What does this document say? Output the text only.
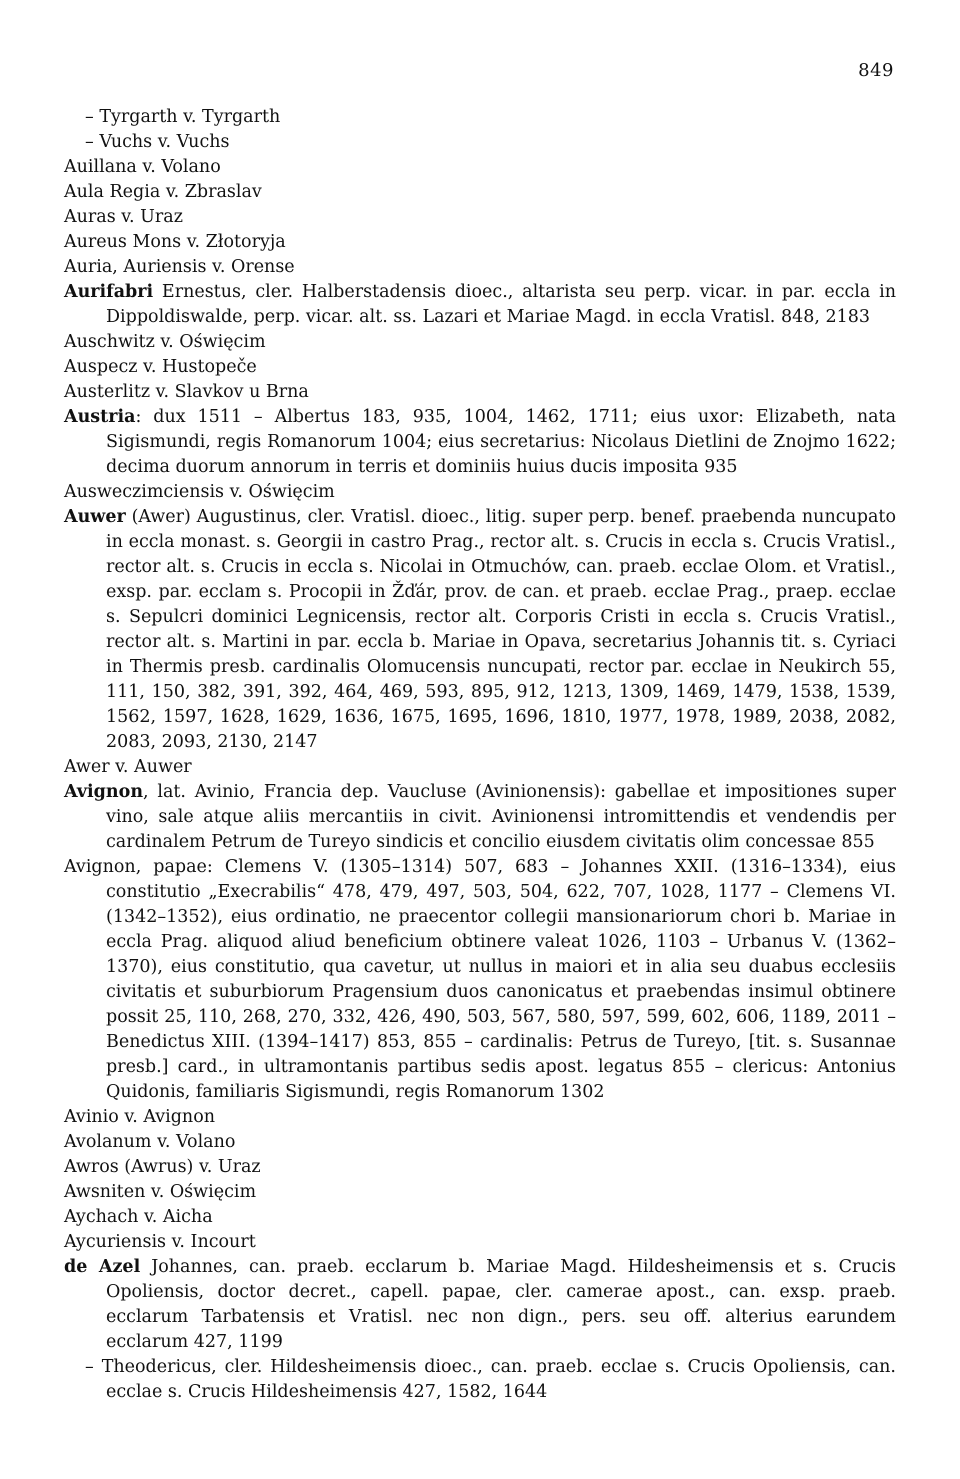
849

– Tyrgarth v. Tyrgarth

– Vuchs v. Vuchs

Auillana v. Volano

Aula Regia v. Zbraslav

Auras v. Uraz

Aureus Mons v. Złotoryja

Auria, Auriensis v. Orense

Aurifabri Ernestus, cler. Halberstadensis dioec., altarista seu perp. vicar. in par. eccla in Dippoldiswalde, perp. vicar. alt. ss. Lazari et Mariae Magd. in eccla Vratisl. 848, 2183

Auschwitz v. Oświęcim

Auspecz v. Hustopeče

Austerlitz v. Slavkov u Brna

Austria: dux 1511 – Albertus 183, 935, 1004, 1462, 1711; eius uxor: Elizabeth, nata Sigismundi, regis Romanorum 1004; eius secretarius: Nicolaus Dietlini de Znojmo 1622; decima duorum annorum in terris et dominiis huius ducis imposita 935

Ausweczimciensis v. Oświęcim

Auwer (Awer) Augustinus, cler. Vratisl. dioec., litig. super perp. benef. praebenda nuncupato in eccla monast. s. Georgii in castro Prag., rector alt. s. Crucis in eccla s. Crucis Vratisl., rector alt. s. Crucis in eccla s. Nicolai in Otmuchów, can. praeb. ecclae Olom. et Vratisl., exsp. par. ecclam s. Procopii in Žďár, prov. de can. et praeb. ecclae Prag., praep. ecclae s. Sepulcri dominici Legnicensis, rector alt. Corporis Cristi in eccla s. Crucis Vratisl., rector alt. s. Martini in par. eccla b. Mariae in Opava, secretarius Johannis tit. s. Cyriaci in Thermis presb. cardinalis Olomucensis nuncupati, rector par. ecclae in Neukirch 55, 111, 150, 382, 391, 392, 464, 469, 593, 895, 912, 1213, 1309, 1469, 1479, 1538, 1539, 1562, 1597, 1628, 1629, 1636, 1675, 1695, 1696, 1810, 1977, 1978, 1989, 2038, 2082, 2083, 2093, 2130, 2147

Awer v. Auwer

Avignon, lat. Avinio, Francia dep. Vaucluse (Avinionensis): gabellae et impositiones super vino, sale atque aliis mercantiis in civit. Avinionensi intromittendis et vendendis per cardinalem Petrum de Tureyo sindicis et concilio eiusdem civitatis olim concessae 855

Avignon, papae: Clemens V. (1305–1314) 507, 683 – Johannes XXII. (1316–1334), eius constitutio „Execrabilis“ 478, 479, 497, 503, 504, 622, 707, 1028, 1177 – Clemens VI. (1342–1352), eius ordinatio, ne praecentor collegii mansionariorum chori b. Mariae in eccla Prag. aliquod aliud beneficium obtinere valeat 1026, 1103 – Urbanus V. (1362–1370), eius constitutio, qua cavetur, ut nullus in maiori et in alia seu duabus ecclesiis civitatis et suburbiorum Pragensium duos canonicatus et praebendas insimul obtinere possit 25, 110, 268, 270, 332, 426, 490, 503, 567, 580, 597, 599, 602, 606, 1189, 2011 – Benedictus XIII. (1394–1417) 853, 855 – cardinalis: Petrus de Tureyo, [tit. s. Susannae presb.] card., in ultramontanis partibus sedis apost. legatus 855 – clericus: Antonius Quidonis, familiaris Sigismundi, regis Romanorum 1302

Avinio v. Avignon

Avolanum v. Volano

Awros (Awrus) v. Uraz

Awsniten v. Oświęcim

Aychach v. Aicha

Aycuriensis v. Incourt

de Azel Johannes, can. praeb. ecclarum b. Mariae Magd. Hildesheimensis et s. Crucis Opoliensis, doctor decret., capell. papae, cler. camerae apost., can. exsp. praeb. ecclarum Tarbatensis et Vratisl. nec non dign., pers. seu off. alterius earundem ecclarum 427, 1199

– Theodericus, cler. Hildesheimensis dioec., can. praeb. ecclae s. Crucis Opoliensis, can. ecclae s. Crucis Hildesheimensis 427, 1582, 1644
